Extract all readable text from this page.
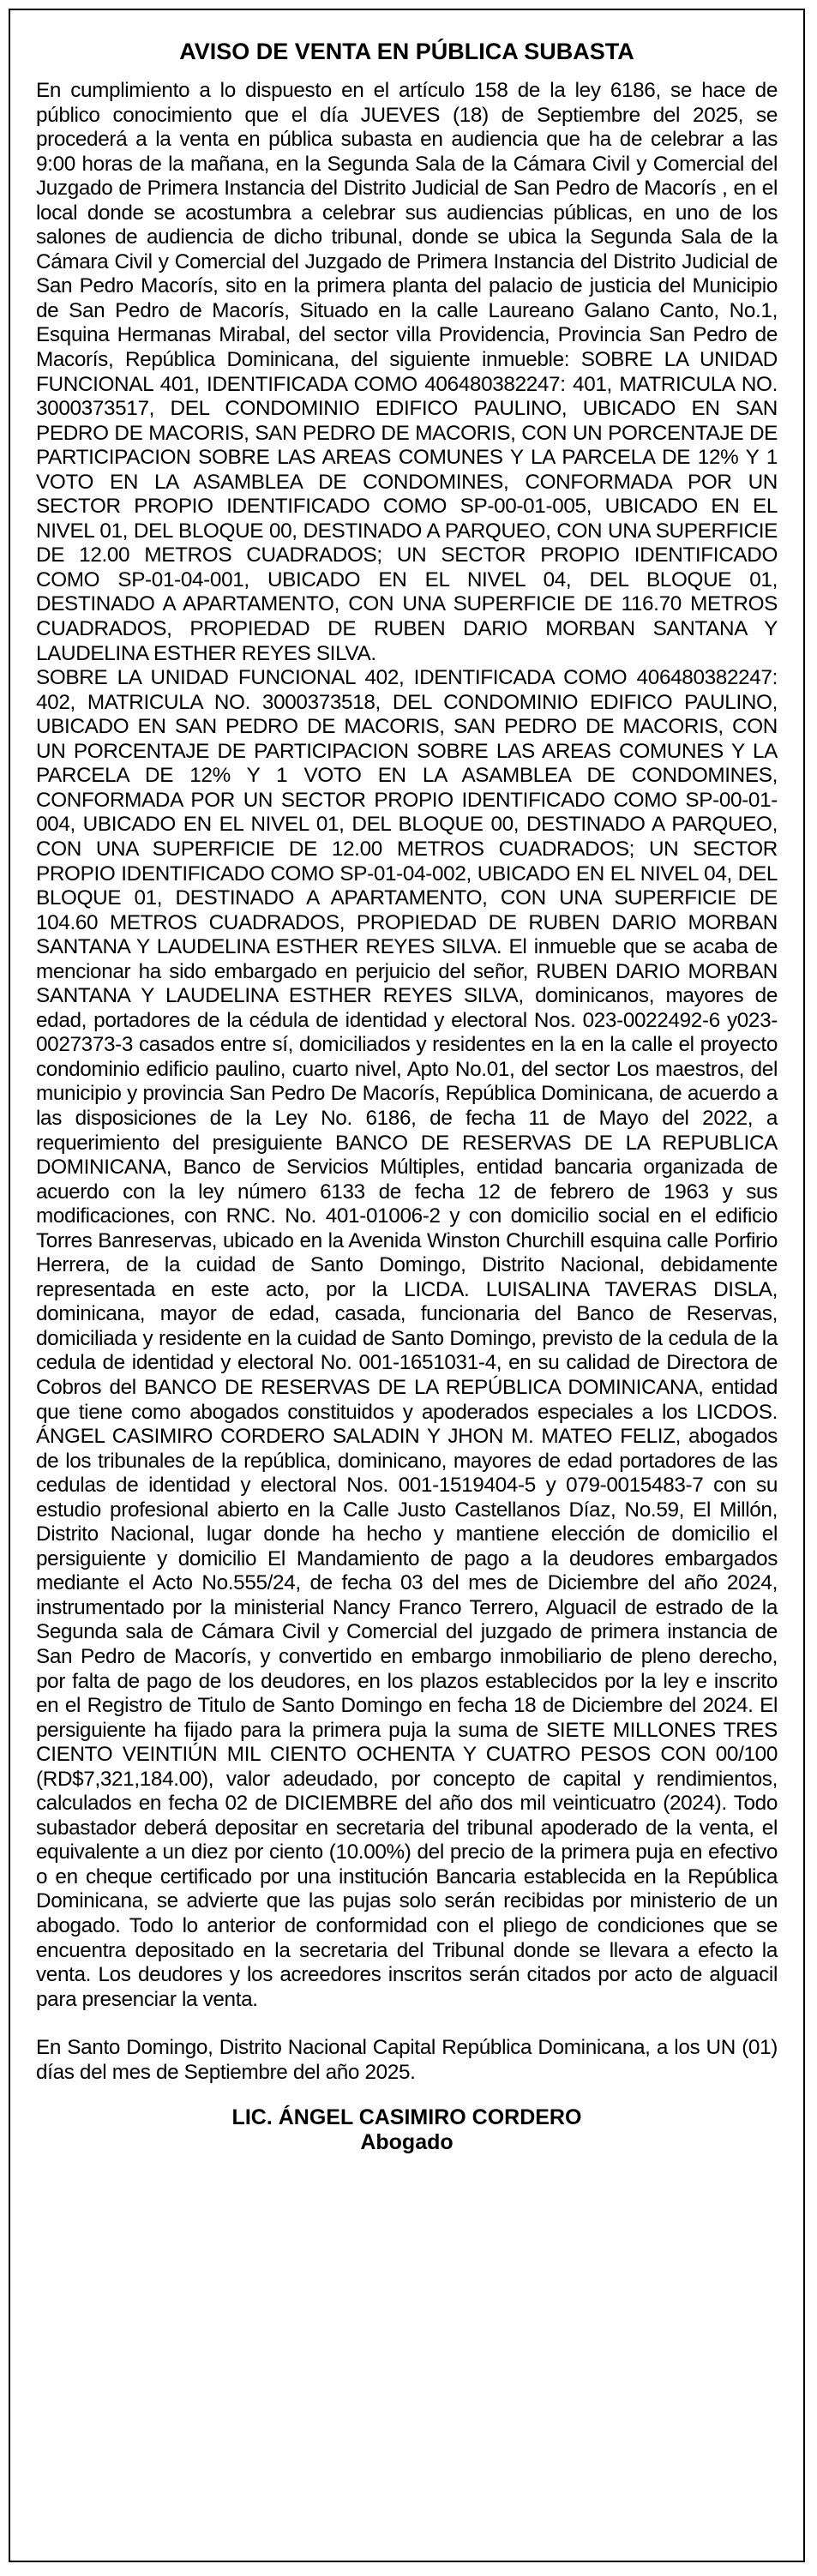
AVISO DE VENTA EN PÚBLICA SUBASTA

En cumplimiento a lo dispuesto en el artículo 158 de la ley 6186, se hace de público conocimiento que el día JUEVES (18) de Septiembre del 2025, se procederá a la venta en pública subasta en audiencia que ha de celebrar a las 9:00 horas de la mañana, en la Segunda Sala de la Cámara Civil y Comercial del Juzgado de Primera Instancia del Distrito Judicial de San Pedro de Macorís , en el local donde se acostumbra a celebrar sus audiencias públicas, en uno de los salones de audiencia de dicho tribunal, donde se ubica la Segunda Sala de la Cámara Civil y Comercial del Juzgado de Primera Instancia del Distrito Judicial de San Pedro Macorís, sito en la primera planta del palacio de justicia del Municipio de San Pedro de Macorís, Situado en la calle Laureano Galano Canto, No.1, Esquina Hermanas Mirabal, del sector villa Providencia, Provincia San Pedro de Macorís, República Dominicana, del siguiente inmueble: SOBRE LA UNIDAD FUNCIONAL 401, IDENTIFICADA COMO 406480382247: 401, MATRICULA NO. 3000373517, DEL CONDOMINIO EDIFICO PAULINO, UBICADO EN SAN PEDRO DE MACORIS, SAN PEDRO DE MACORIS, CON UN PORCENTAJE DE PARTICIPACION SOBRE LAS AREAS COMUNES Y LA PARCELA DE 12% Y 1 VOTO EN LA ASAMBLEA DE CONDOMINES, CONFORMADA POR UN SECTOR PROPIO IDENTIFICADO COMO SP-00-01-005, UBICADO EN EL NIVEL 01, DEL BLOQUE 00, DESTINADO A PARQUEO, CON UNA SUPERFICIE DE 12.00 METROS CUADRADOS; UN SECTOR PROPIO IDENTIFICADO COMO SP-01-04-001, UBICADO EN EL NIVEL 04, DEL BLOQUE 01, DESTINADO A APARTAMENTO, CON UNA SUPERFICIE DE 116.70 METROS CUADRADOS, PROPIEDAD DE RUBEN DARIO MORBAN SANTANA Y LAUDELINA ESTHER REYES SILVA.

SOBRE LA UNIDAD FUNCIONAL 402, IDENTIFICADA COMO 406480382247: 402, MATRICULA NO. 3000373518, DEL CONDOMINIO EDIFICO PAULINO, UBICADO EN SAN PEDRO DE MACORIS, SAN PEDRO DE MACORIS, CON UN PORCENTAJE DE PARTICIPACION SOBRE LAS AREAS COMUNES Y LA PARCELA DE 12% Y 1 VOTO EN LA ASAMBLEA DE CONDOMINES, CONFORMADA POR UN SECTOR PROPIO IDENTIFICADO COMO SP-00-01-004, UBICADO EN EL NIVEL 01, DEL BLOQUE 00, DESTINADO A PARQUEO, CON UNA SUPERFICIE DE 12.00 METROS CUADRADOS; UN SECTOR PROPIO IDENTIFICADO COMO SP-01-04-002, UBICADO EN EL NIVEL 04, DEL BLOQUE 01, DESTINADO A APARTAMENTO, CON UNA SUPERFICIE DE 104.60 METROS CUADRADOS, PROPIEDAD DE RUBEN DARIO MORBAN SANTANA Y LAUDELINA ESTHER REYES SILVA. El inmueble que se acaba de mencionar ha sido embargado en perjuicio del señor, RUBEN DARIO MORBAN SANTANA Y LAUDELINA ESTHER REYES SILVA, dominicanos, mayores de edad, portadores de la cédula de identidad y electoral Nos. 023-0022492-6 y023-0027373-3 casados entre sí, domiciliados y residentes en la en la calle el proyecto condominio edificio paulino, cuarto nivel, Apto No.01, del sector Los maestros, del municipio y provincia San Pedro De Macorís, República Dominicana, de acuerdo a las disposiciones de la Ley No. 6186, de fecha 11 de Mayo del 2022, a requerimiento del presiguiente BANCO DE RESERVAS DE LA REPUBLICA DOMINICANA, Banco de Servicios Múltiples, entidad bancaria organizada de acuerdo con la ley número 6133 de fecha 12 de febrero de 1963 y sus modificaciones, con RNC. No. 401-01006-2 y con domicilio social en el edificio Torres Banreservas, ubicado en la Avenida Winston Churchill esquina calle Porfirio Herrera, de la cuidad de Santo Domingo, Distrito Nacional, debidamente representada en este acto, por la LICDA. LUISALINA TAVERAS DISLA, dominicana, mayor de edad, casada, funcionaria del Banco de Reservas, domiciliada y residente en la cuidad de Santo Domingo, previsto de la cedula de la cedula de identidad y electoral No. 001-1651031-4, en su calidad de Directora de Cobros del BANCO DE RESERVAS DE LA REPÚBLICA DOMINICANA, entidad que tiene como abogados constituidos y apoderados especiales a los LICDOS. ÁNGEL CASIMIRO CORDERO SALADIN Y JHON M. MATEO FELIZ, abogados de los tribunales de la república, dominicano, mayores de edad portadores de las cedulas de identidad y electoral Nos. 001-1519404-5 y 079-0015483-7 con su estudio profesional abierto en la Calle Justo Castellanos Díaz, No.59, El Millón, Distrito Nacional, lugar donde ha hecho y mantiene elección de domicilio el persiguiente y domicilio El Mandamiento de pago a la deudores embargados mediante el Acto No.555/24, de fecha 03 del mes de Diciembre del año 2024, instrumentado por la ministerial Nancy Franco Terrero, Alguacil de estrado de la Segunda sala de Cámara Civil y Comercial del juzgado de primera instancia de San Pedro de Macorís, y convertido en embargo inmobiliario de pleno derecho, por falta de pago de los deudores, en los plazos establecidos por la ley e inscrito en el Registro de Titulo de Santo Domingo en fecha 18 de Diciembre del 2024. El persiguiente ha fijado para la primera puja la suma de SIETE MILLONES TRES CIENTO VEINTIÚN MIL CIENTO OCHENTA Y CUATRO PESOS CON 00/100 (RD$7,321,184.00), valor adeudado, por concepto de capital y rendimientos, calculados en fecha 02 de DICIEMBRE del año dos mil veinticuatro (2024). Todo subastador deberá depositar en secretaria del tribunal apoderado de la venta, el equivalente a un diez por ciento (10.00%) del precio de la primera puja en efectivo o en cheque certificado por una institución Bancaria establecida en la República Dominicana, se advierte que las pujas solo serán recibidas por ministerio de un abogado. Todo lo anterior de conformidad con el pliego de condiciones que se encuentra depositado en la secretaria del Tribunal donde se llevara a efecto la venta. Los deudores y los acreedores inscritos serán citados por acto de alguacil para presenciar la venta.

En Santo Domingo, Distrito Nacional Capital República Dominicana, a los UN (01) días del mes de Septiembre del año 2025.

LIC. ÁNGEL CASIMIRO CORDERO
Abogado
